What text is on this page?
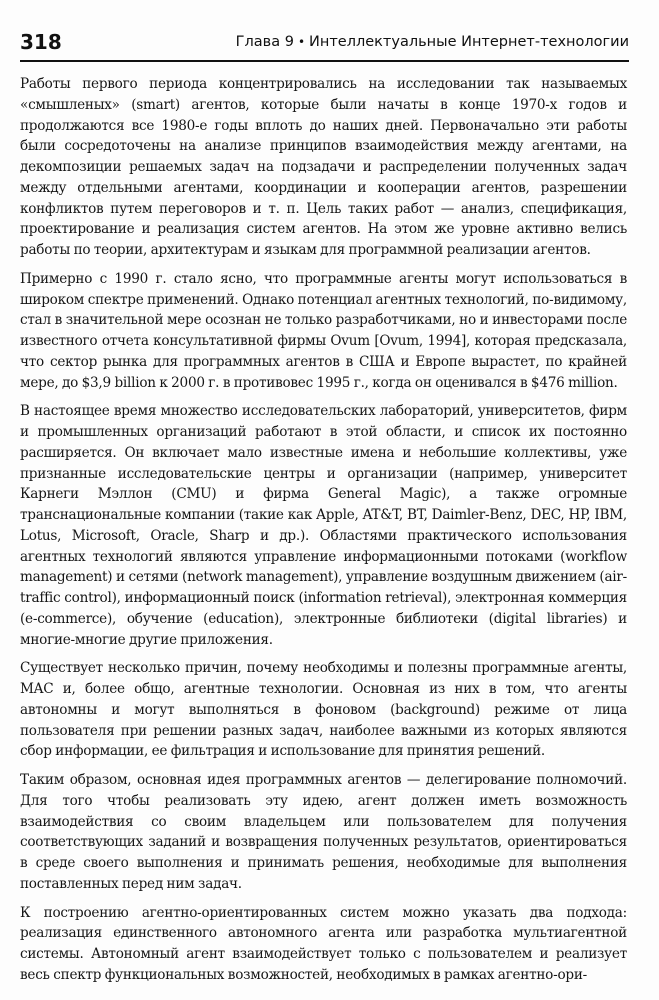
318	Глава 9 • Интеллектуальные Интернет-технологии

Работы первого периода концентрировались на исследовании так называемых «смышленых» (smart) агентов, которые были начаты в конце 1970-х годов и продолжаются все 1980-е годы вплоть до наших дней. Первоначально эти работы были сосредоточены на анализе принципов взаимодействия между агентами, на декомпозиции решаемых задач на подзадачи и распределении полученных задач между отдельными агентами, координации и кооперации агентов, разрешении конфликтов путем переговоров и т. п. Цель таких работ — анализ, спецификация, проектирование и реализация систем агентов. На этом же уровне активно велись работы по теории, архитектурам и языкам для программной реализации агентов.

Примерно с 1990 г. стало ясно, что программные агенты могут использоваться в широком спектре применений. Однако потенциал агентных технологий, по-видимому, стал в значительной мере осознан не только разработчиками, но и инвесторами после известного отчета консультативной фирмы Ovum [Ovum, 1994], которая предсказала, что сектор рынка для программных агентов в США и Европе вырастет, по крайней мере, до $3,9 billion к 2000 г. в противовес 1995 г., когда он оценивался в $476 million.

В настоящее время множество исследовательских лабораторий, университетов, фирм и промышленных организаций работают в этой области, и список их постоянно расширяется. Он включает мало известные имена и небольшие коллективы, уже признанные исследовательские центры и организации (например, университет Карнеги Мэллон (CMU) и фирма General Magic), а также огромные транснациональные компании (такие как Apple, AT&T, BT, Daimler-Benz, DEC, HP, IBM, Lotus, Microsoft, Oracle, Sharp и др.). Областями практического использования агентных технологий являются управление информационными потоками (workflow management) и сетями (network management), управление воздушным движением (air-traffic control), информационный поиск (information retrieval), электронная коммерция (e-commerce), обучение (education), электронные библиотеки (digital libraries) и многие-многие другие приложения.

Существует несколько причин, почему необходимы и полезны программные агенты, MAC и, более общо, агентные технологии. Основная из них в том, что агенты автономны и могут выполняться в фоновом (background) режиме от лица пользователя при решении разных задач, наиболее важными из которых являются сбор информации, ее фильтрация и использование для принятия решений.

Таким образом, основная идея программных агентов — делегирование полномочий. Для того чтобы реализовать эту идею, агент должен иметь возможность взаимодействия со своим владельцем или пользователем для получения соответствующих заданий и возвращения полученных результатов, ориентироваться в среде своего выполнения и принимать решения, необходимые для выполнения поставленных перед ним задач.

К построению агентно-ориентированных систем можно указать два подхода: реализация единственного автономного агента или разработка мультиагентной системы. Автономный агент взаимодействует только с пользователем и реализует весь спектр функциональных возможностей, необходимых в рамках агентно-ори-
